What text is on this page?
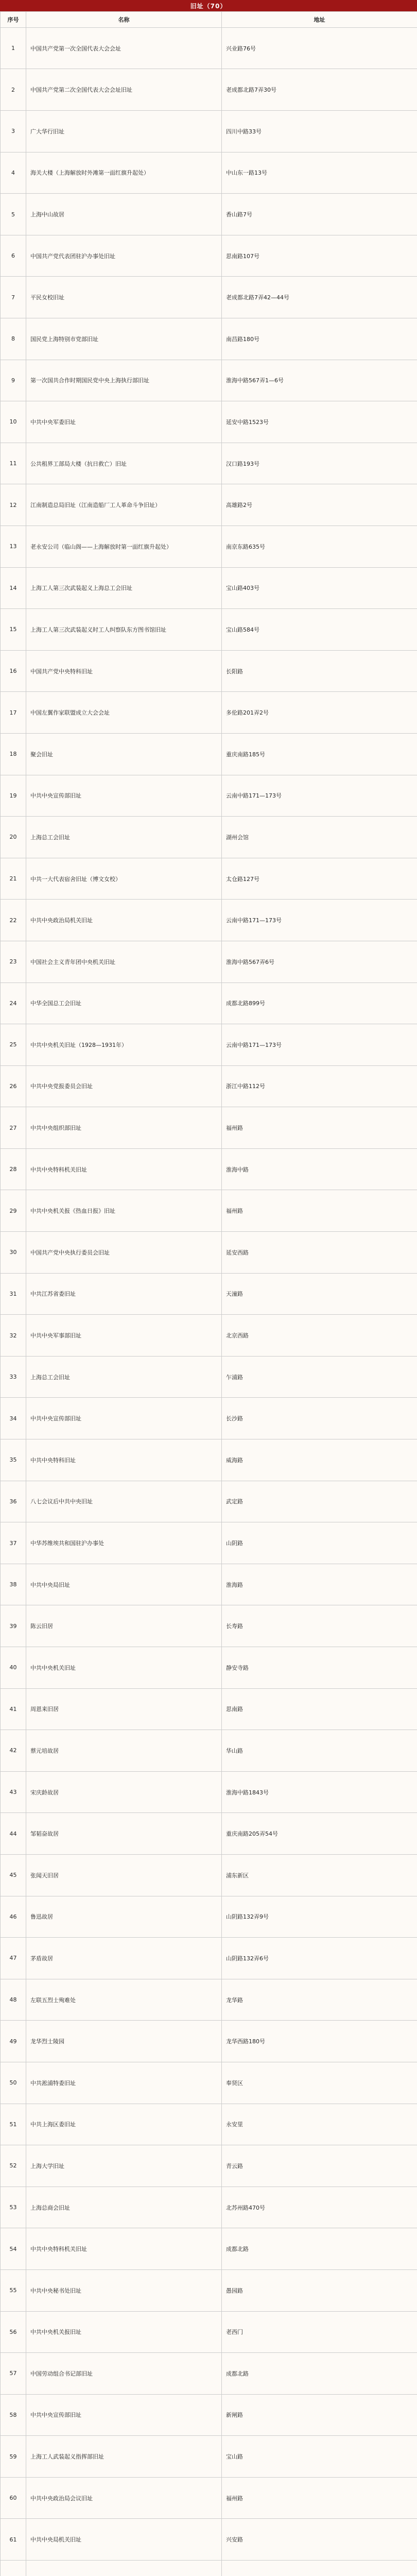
旧址（70）
序号	名称	地址
1	中国共产党第一次全国代表大会会址	兴业路76号
2	中国共产党第二次全国代表大会会址旧址	老成都北路7弄30号
3	广大华行旧址	四川中路33号
4	海关大楼（上海解放时外滩第一面红旗升起处）	中山东一路13号
5	上海中山故居	香山路7号
6	中国共产党代表团驻沪办事处旧址	思南路107号
7	平民女校旧址	老成都北路7弄42—44号
8	国民党上海特别市党部旧址	南昌路180号
9	第一次国共合作时期国民党中央上海执行部旧址	淮海中路567弄1—6号
10	中共中央军委旧址	延安中路1523号
11	公共租界工部局大楼（抗日救亡）旧址	汉口路193号
12	江南制造总局旧址（江南造船厂工人革命斗争旧址）	高雄路2号
13	老永安公司（临山阁——上海解放时第一面红旗升起处）	南京东路635号
14	上海工人第三次武装起义上海总工会旧址	宝山路403号
15	上海工人第三次武装起义时工人纠察队东方图书馆旧址	宝山路584号
16	中国共产党中央特科旧址	长阳路
17	中国左翼作家联盟成立大会会址	多伦路201弄2号
18	聚会旧址	重庆南路185号
19	中共中央宣传部旧址	云南中路171—173号
20	上海总工会旧址	湖州会馆
21	中共一大代表宿舍旧址（博文女校）	太仓路127号
22	中共中央政治局机关旧址	云南中路171—173号
23	中国社会主义青年团中央机关旧址	淮海中路567弄6号
24	中华全国总工会旧址	成都北路899号
25	中共中央机关旧址（1928—1931年）	云南中路171—173号
26	中共中央党报委员会旧址	浙江中路112号
27	中共中央组织部旧址	福州路
28	中共中央特科机关旧址	淮海中路
29	中共中央机关报《热血日报》旧址	福州路
30	中国共产党中央执行委员会旧址	延安西路
31	中共江苏省委旧址	天潼路
32	中共中央军事部旧址	北京西路
33	上海总工会旧址	乍浦路
34	中共中央宣传部旧址	长沙路
35	中共中央特科旧址	威海路
36	八七会议后中共中央旧址	武定路
37	中华苏维埃共和国驻沪办事处	山阴路
38	中共中央局旧址	淮海路
39	陈云旧居	长寿路
40	中共中央机关旧址	静安寺路
41	周恩来旧居	思南路
42	蔡元培故居	华山路
43	宋庆龄故居	淮海中路1843号
44	邹韬奋故居	重庆南路205弄54号
45	张闻天旧居	浦东新区
46	鲁迅故居	山阴路132弄9号
47	茅盾故居	山阴路132弄6号
48	左联五烈士殉难处	龙华路
49	龙华烈士陵园	龙华西路180号
50	中共淞浦特委旧址	奉贤区
51	中共上海区委旧址	永安里
52	上海大学旧址	青云路
53	上海总商会旧址	北苏州路470号
54	中共中央特科机关旧址	成都北路
55	中共中央秘书处旧址	愚园路
56	中共中央机关报旧址	老西门
57	中国劳动组合书记部旧址	成都北路
58	中共中央宣传部旧址	新闸路
59	上海工人武装起义指挥部旧址	宝山路
60	中共中央政治局会议旧址	福州路
61	中共中央局机关旧址	兴安路
